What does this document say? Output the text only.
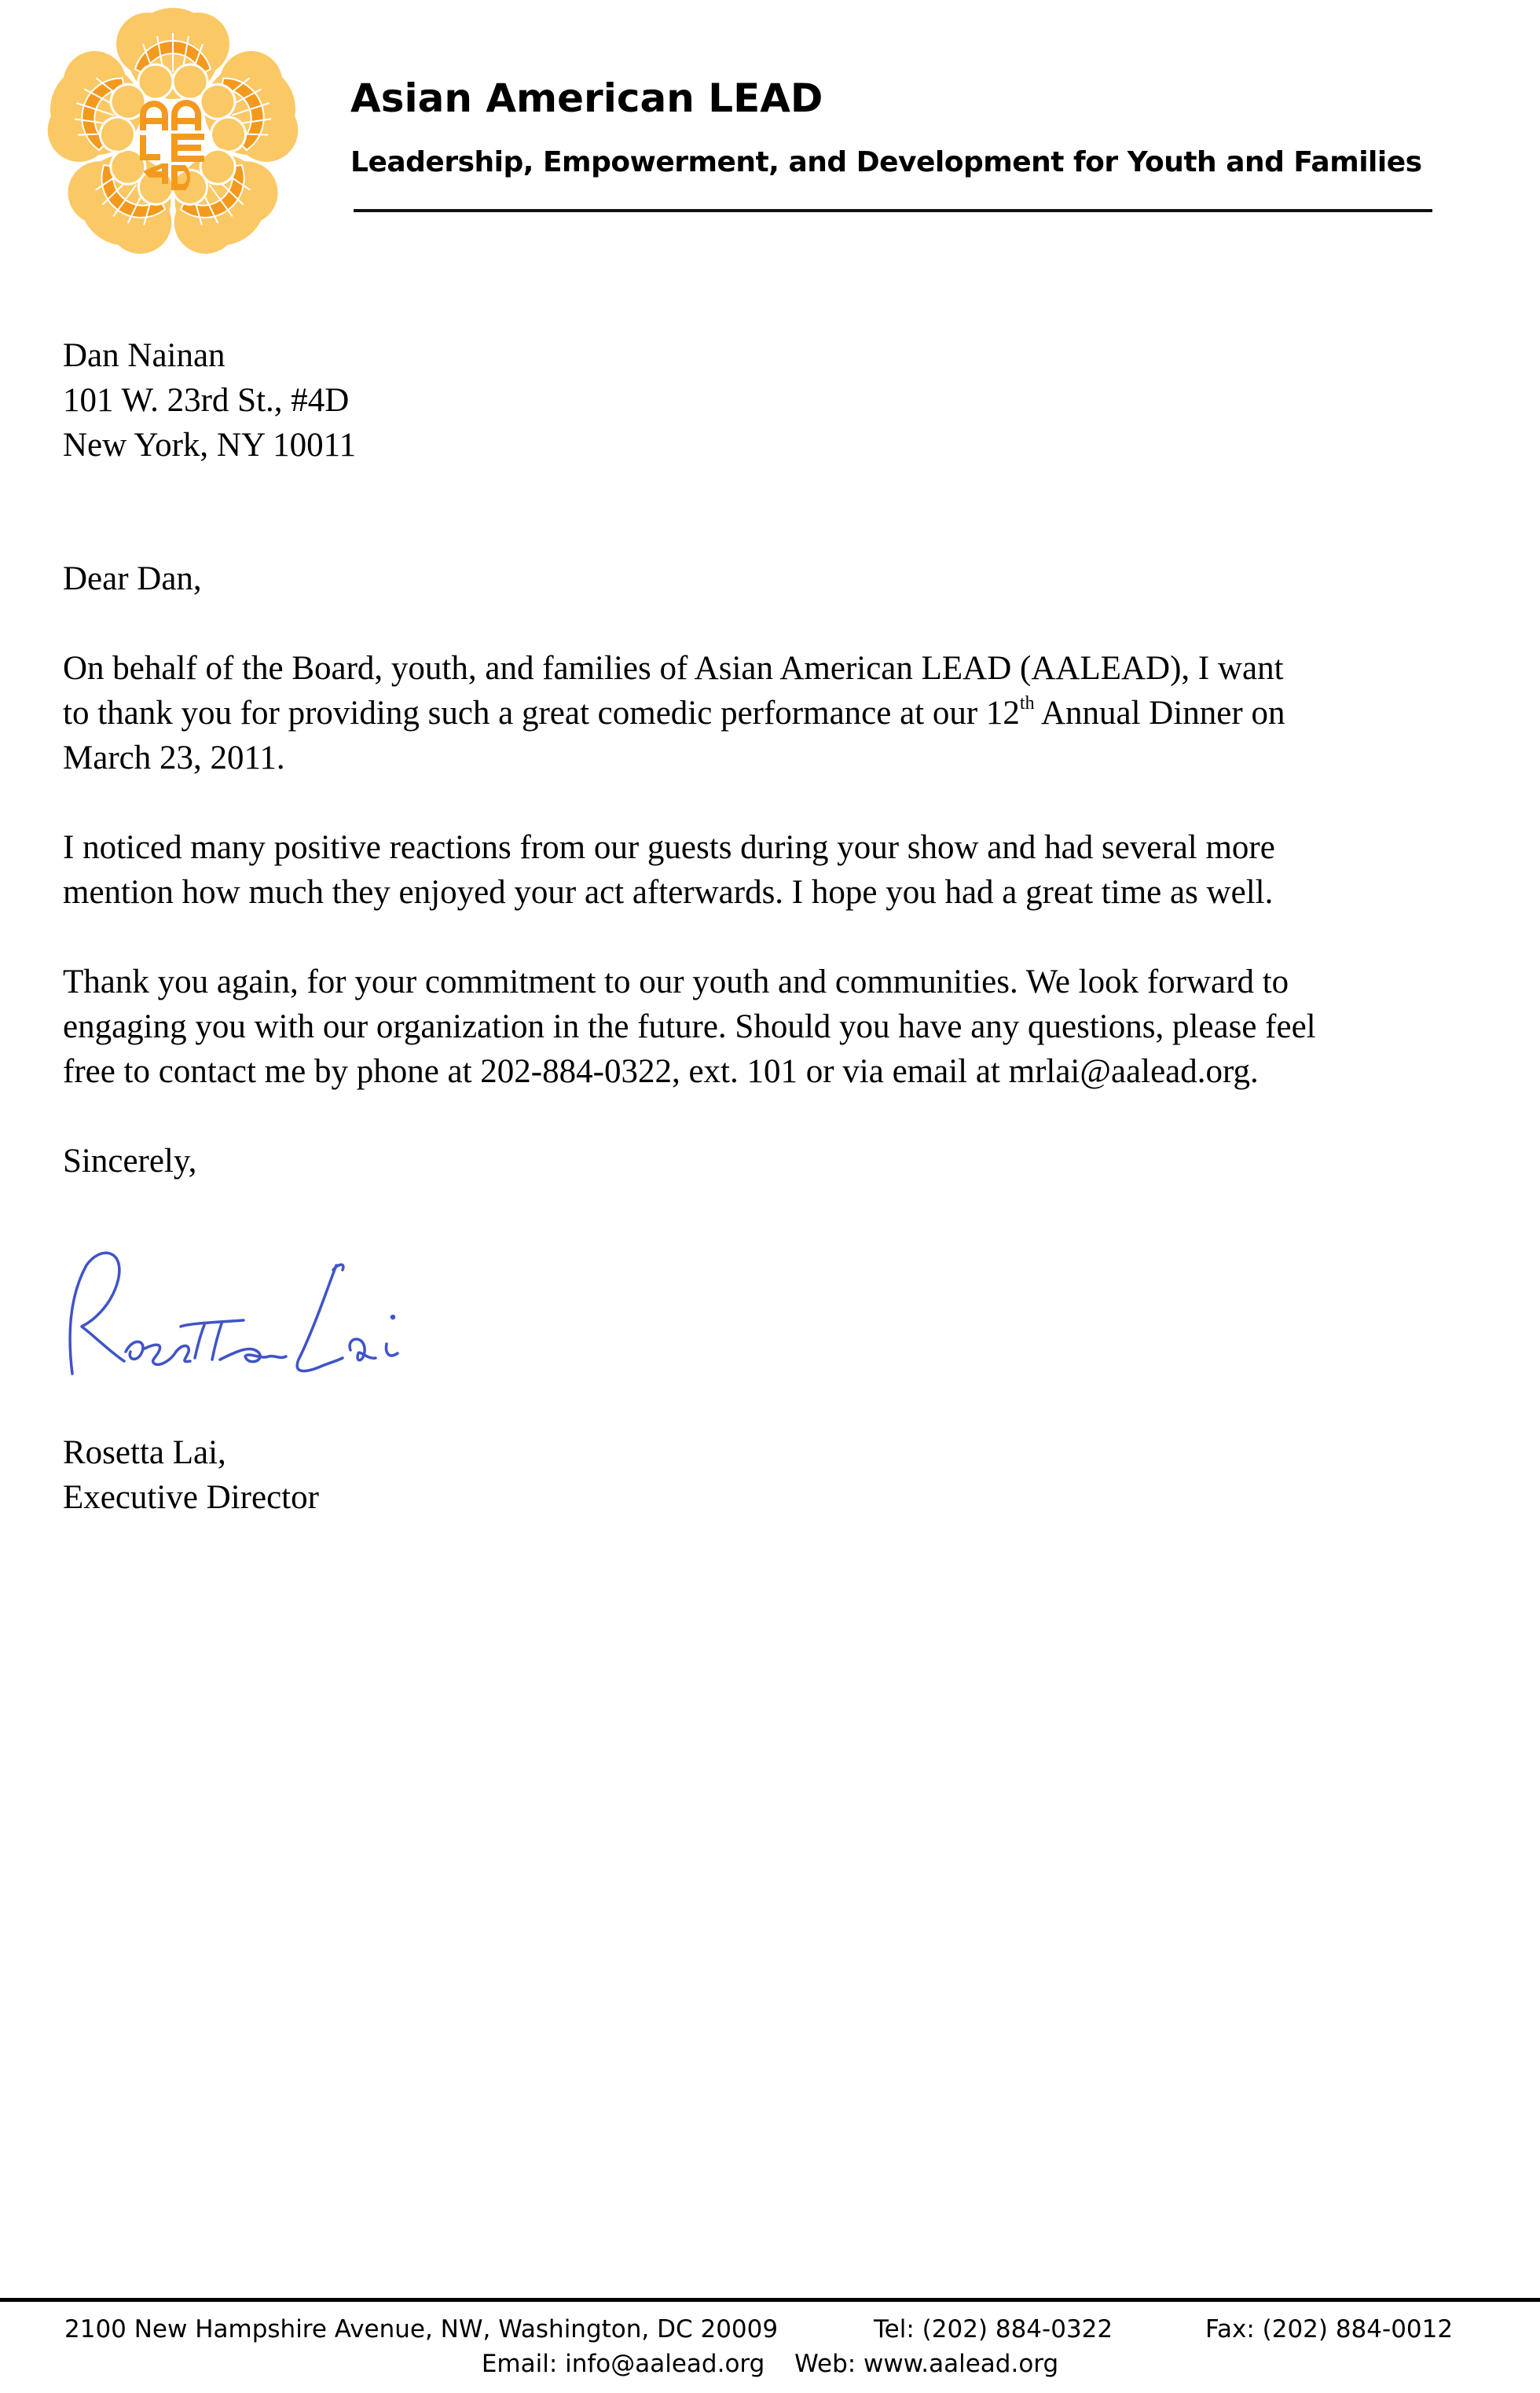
Asian American LEAD
Leadership, Empowerment, and Development for Youth and Families
Dan Nainan
101 W. 23rd St., #4D
New York, NY 10011
Dear Dan,
On behalf of the Board, youth, and families of Asian American LEAD (AALEAD), I want
to thank you for providing such a great comedic performance at our 12th Annual Dinner on
March 23, 2011.
I noticed many positive reactions from our guests during your show and had several more
mention how much they enjoyed your act afterwards. I hope you had a great time as well.
Thank you again, for your commitment to our youth and communities. We look forward to
engaging you with our organization in the future. Should you have any questions, please feel
free to contact me by phone at 202-884-0322, ext. 101 or via email at mrlai@aalead.org.
Sincerely,
Rosetta Lai,
Executive Director
2100 New Hampshire Avenue, NW, Washington, DC 20009	Tel: (202) 884-0322	Fax: (202) 884-0012
Email: info@aalead.org Web: www.aalead.org
